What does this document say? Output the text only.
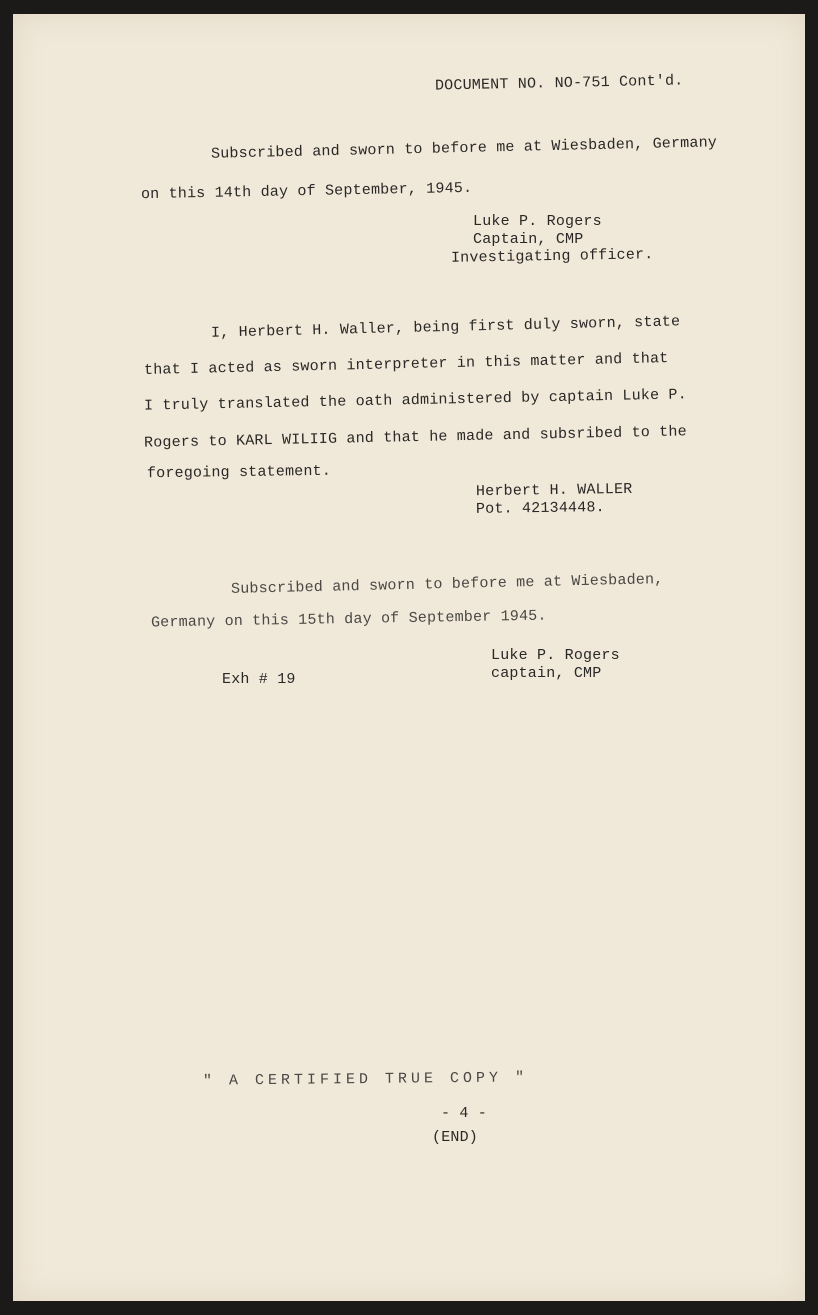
DOCUMENT NO. NO-751 Cont'd.
Subscribed and sworn to before me at Wiesbaden, Germany
on this 14th day of September, 1945.
Luke P. Rogers
Captain, CMP
Investigating officer.
I, Herbert H. Waller, being first duly sworn, state
that I acted as sworn interpreter in this matter and that
I truly translated the oath administered by captain Luke P.
Rogers to KARL WILIIG and that he made and subsribed to the
foregoing statement.
Herbert H. WALLER
Pot. 42134448.
Subscribed and sworn to before me at Wiesbaden,
Germany on this 15th day of September 1945.
Luke P. Rogers
captain, CMP
Exh # 19
" A CERTIFIED TRUE COPY "
- 4 -
(END)
